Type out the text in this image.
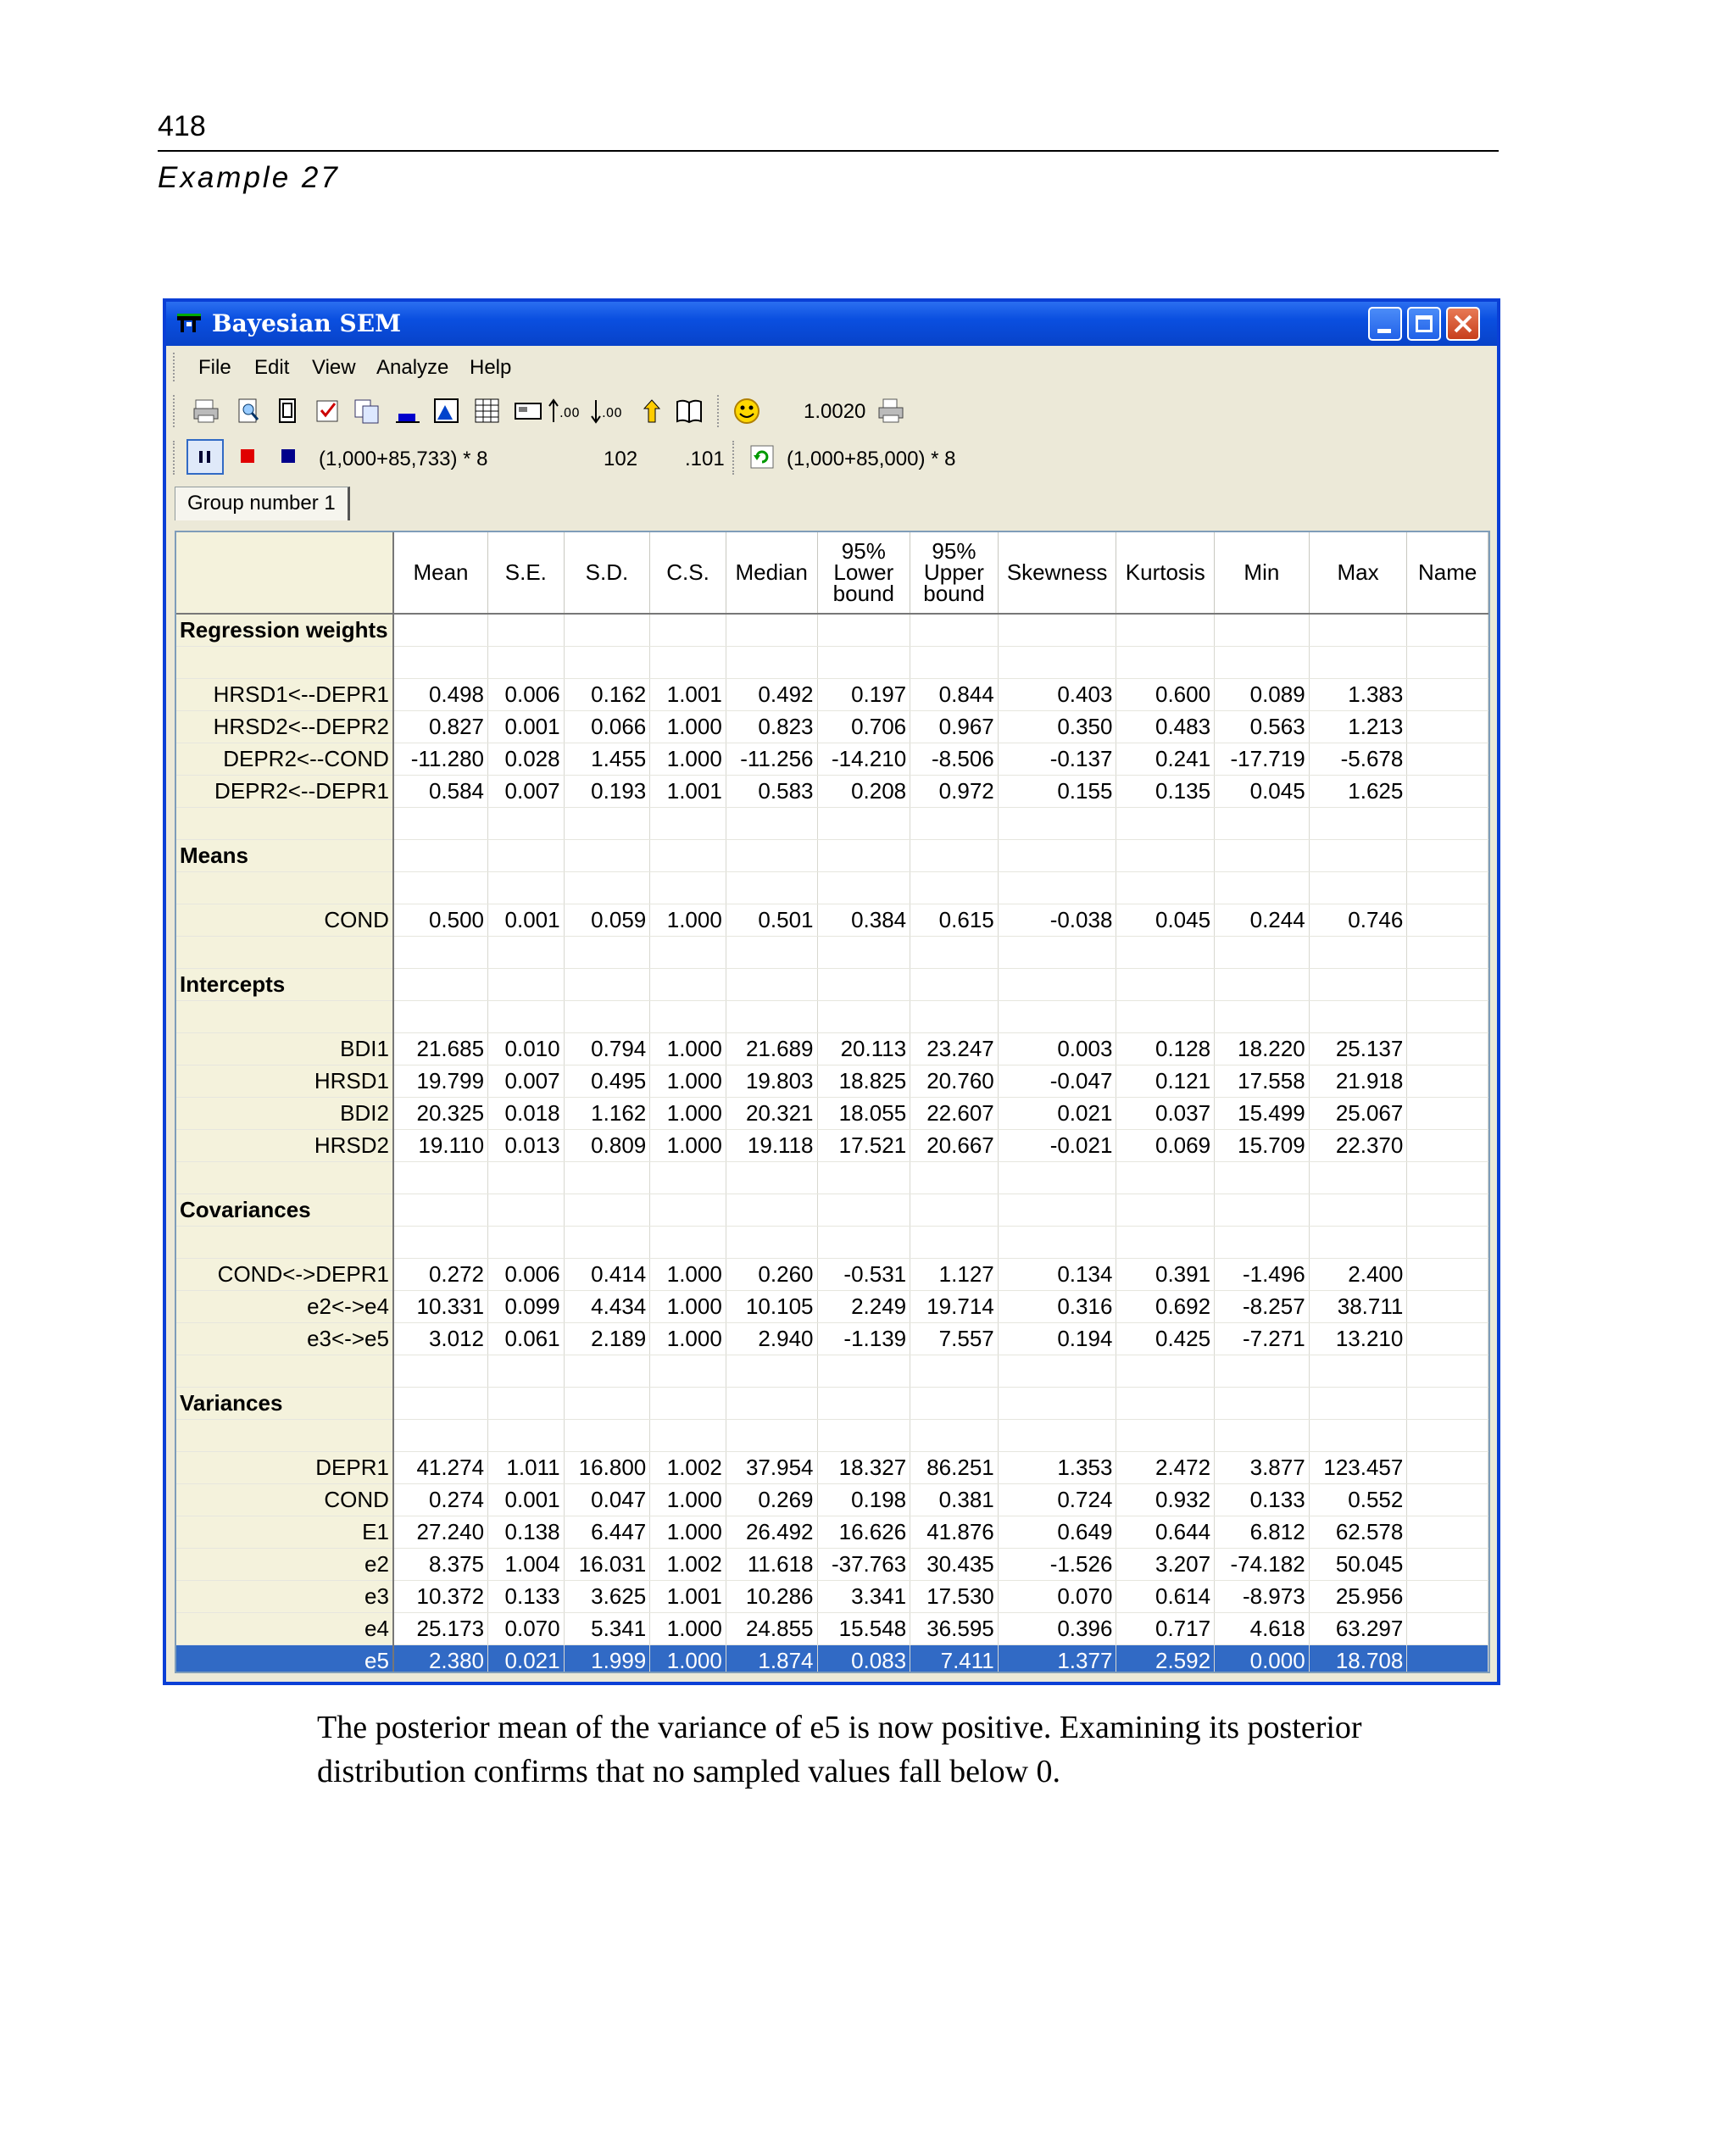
418
Example 27
Bayesian SEM
File Edit View Analyze Help
.00 .00	1.0020
(1,000+85,733) * 8	102 .101	(1,000+85,000) * 8
Group number 1
	Mean	S.E.	S.D.	C.S.	Median	95%
Lower
bound	95%
Upper
bound	Skewness	Kurtosis	Min	Max	Name
Regression weights												

HRSD1<--DEPR1	0.498	0.006	0.162	1.001	0.492	0.197	0.844	0.403	0.600	0.089	1.383	
HRSD2<--DEPR2	0.827	0.001	0.066	1.000	0.823	0.706	0.967	0.350	0.483	0.563	1.213	
DEPR2<--COND	-11.280	0.028	1.455	1.000	-11.256	-14.210	-8.506	-0.137	0.241	-17.719	-5.678	
DEPR2<--DEPR1	0.584	0.007	0.193	1.001	0.583	0.208	0.972	0.155	0.135	0.045	1.625	

Means												

COND	0.500	0.001	0.059	1.000	0.501	0.384	0.615	-0.038	0.045	0.244	0.746	

Intercepts												

BDI1	21.685	0.010	0.794	1.000	21.689	20.113	23.247	0.003	0.128	18.220	25.137	
HRSD1	19.799	0.007	0.495	1.000	19.803	18.825	20.760	-0.047	0.121	17.558	21.918	
BDI2	20.325	0.018	1.162	1.000	20.321	18.055	22.607	0.021	0.037	15.499	25.067	
HRSD2	19.110	0.013	0.809	1.000	19.118	17.521	20.667	-0.021	0.069	15.709	22.370	

Covariances												

COND<->DEPR1	0.272	0.006	0.414	1.000	0.260	-0.531	1.127	0.134	0.391	-1.496	2.400	
e2<->e4	10.331	0.099	4.434	1.000	10.105	2.249	19.714	0.316	0.692	-8.257	38.711	
e3<->e5	3.012	0.061	2.189	1.000	2.940	-1.139	7.557	0.194	0.425	-7.271	13.210	

Variances												

DEPR1	41.274	1.011	16.800	1.002	37.954	18.327	86.251	1.353	2.472	3.877	123.457	
COND	0.274	0.001	0.047	1.000	0.269	0.198	0.381	0.724	0.932	0.133	0.552	
E1	27.240	0.138	6.447	1.000	26.492	16.626	41.876	0.649	0.644	6.812	62.578	
e2	8.375	1.004	16.031	1.002	11.618	-37.763	30.435	-1.526	3.207	-74.182	50.045	
e3	10.372	0.133	3.625	1.001	10.286	3.341	17.530	0.070	0.614	-8.973	25.956	
e4	25.173	0.070	5.341	1.000	24.855	15.548	36.595	0.396	0.717	4.618	63.297	
e5	2.380	0.021	1.999	1.000	1.874	0.083	7.411	1.377	2.592	0.000	18.708	
The posterior mean of the variance of e5 is now positive. Examining its posterior distribution confirms that no sampled values fall below 0.
